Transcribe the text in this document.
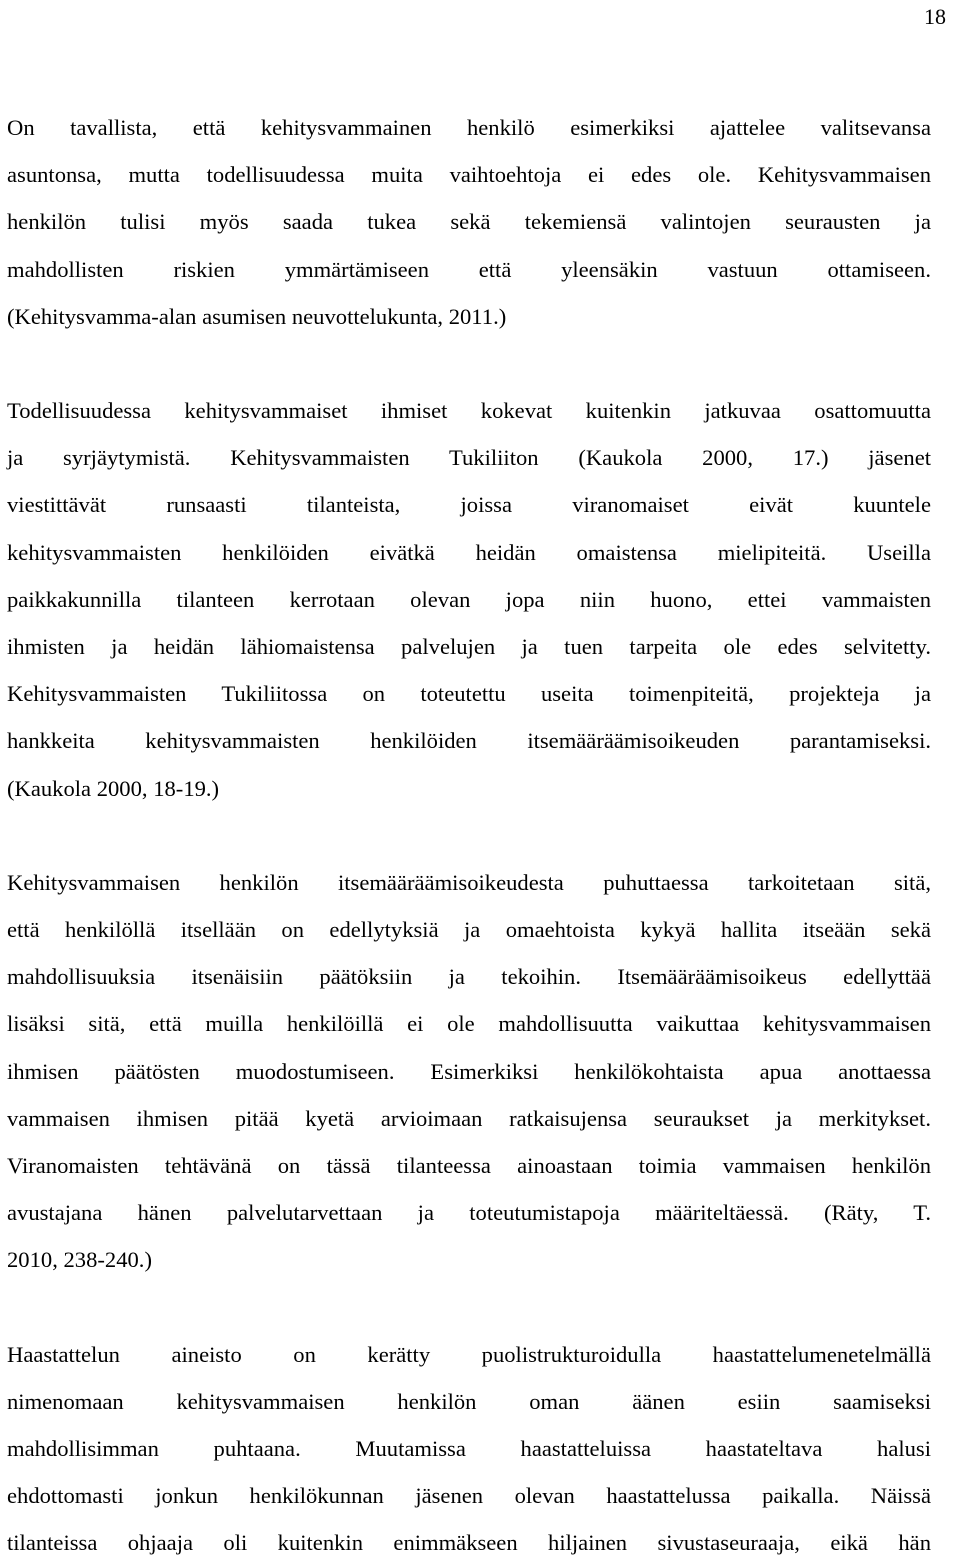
18
On tavallista, että kehitysvammainen henkilö esimerkiksi ajattelee valitsevansa
asuntonsa, mutta todellisuudessa muita vaihtoehtoja ei edes ole. Kehitysvammaisen
henkilön tulisi myös saada tukea sekä tekemiensä valintojen seurausten ja
mahdollisten riskien ymmärtämiseen että yleensäkin vastuun ottamiseen.
(Kehitysvamma-alan asumisen neuvottelukunta, 2011.)
Todellisuudessa kehitysvammaiset ihmiset kokevat kuitenkin jatkuvaa osattomuutta
ja syrjäytymistä. Kehitysvammaisten Tukiliiton (Kaukola 2000, 17.) jäsenet
viestittävät runsaasti tilanteista, joissa viranomaiset eivät kuuntele
kehitysvammaisten henkilöiden eivätkä heidän omaistensa mielipiteitä. Useilla
paikkakunnilla tilanteen kerrotaan olevan jopa niin huono, ettei vammaisten
ihmisten ja heidän lähiomaistensa palvelujen ja tuen tarpeita ole edes selvitetty.
Kehitysvammaisten Tukiliitossa on toteutettu useita toimenpiteitä, projekteja ja
hankkeita kehitysvammaisten henkilöiden itsemääräämisoikeuden parantamiseksi.
(Kaukola 2000, 18-19.)
Kehitysvammaisen henkilön itsemääräämisoikeudesta puhuttaessa tarkoitetaan sitä,
että henkilöllä itsellään on edellytyksiä ja omaehtoista kykyä hallita itseään sekä
mahdollisuuksia itsenäisiin päätöksiin ja tekoihin. Itsemääräämisoikeus edellyttää
lisäksi sitä, että muilla henkilöillä ei ole mahdollisuutta vaikuttaa kehitysvammaisen
ihmisen päätösten muodostumiseen. Esimerkiksi henkilökohtaista apua anottaessa
vammaisen ihmisen pitää kyetä arvioimaan ratkaisujensa seuraukset ja merkitykset.
Viranomaisten tehtävänä on tässä tilanteessa ainoastaan toimia vammaisen henkilön
avustajana hänen palvelutarvettaan ja toteutumistapoja määriteltäessä. (Räty, T.
2010, 238-240.)
Haastattelun aineisto on kerätty puolistrukturoidulla haastattelumenetelmällä
nimenomaan kehitysvammaisen henkilön oman äänen esiin saamiseksi
mahdollisimman puhtaana. Muutamissa haastatteluissa haastateltava halusi
ehdottomasti jonkun henkilökunnan jäsenen olevan haastattelussa paikalla. Näissä
tilanteissa ohjaaja oli kuitenkin enimmäkseen hiljainen sivustaseuraaja, eikä hän
